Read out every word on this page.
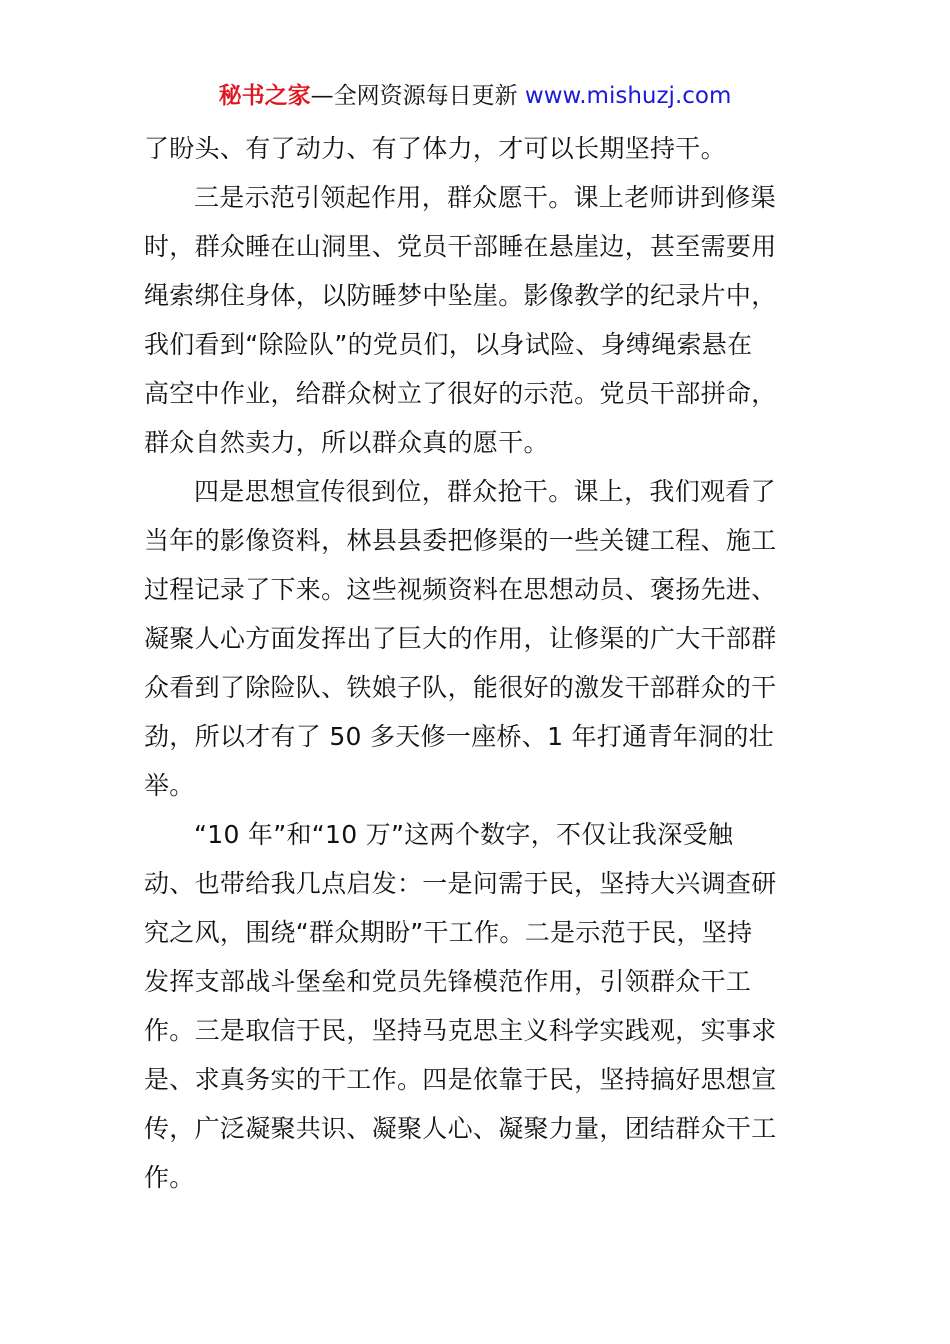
秘书之家—全网资源每日更新 www.mishuzj.com
了盼头、有了动力、有了体力，才可以长期坚持干。
三是示范引领起作用，群众愿干。课上老师讲到修渠
时，群众睡在山洞里、党员干部睡在悬崖边，甚至需要用
绳索绑住身体，以防睡梦中坠崖。影像教学的纪录片中，
我们看到“除险队”的党员们，以身试险、身缚绳索悬在
高空中作业，给群众树立了很好的示范。党员干部拼命，
群众自然卖力，所以群众真的愿干。
四是思想宣传很到位，群众抢干。课上，我们观看了
当年的影像资料，林县县委把修渠的一些关键工程、施工
过程记录了下来。这些视频资料在思想动员、褒扬先进、
凝聚人心方面发挥出了巨大的作用，让修渠的广大干部群
众看到了除险队、铁娘子队，能很好的激发干部群众的干
劲，所以才有了 50 多天修一座桥、1 年打通青年洞的壮
举。
“10 年”和“10 万”这两个数字，不仅让我深受触
动、也带给我几点启发：一是问需于民，坚持大兴调查研
究之风，围绕“群众期盼”干工作。二是示范于民，坚持
发挥支部战斗堡垒和党员先锋模范作用，引领群众干工
作。三是取信于民，坚持马克思主义科学实践观，实事求
是、求真务实的干工作。四是依靠于民，坚持搞好思想宣
传，广泛凝聚共识、凝聚人心、凝聚力量，团结群众干工
作。
